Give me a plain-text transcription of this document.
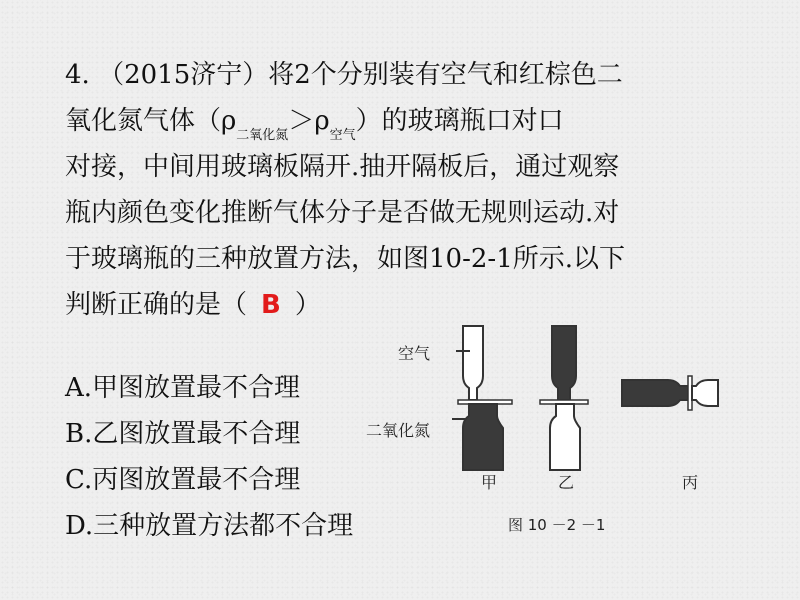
4. （2015济宁）将2个分别装有空气和红棕色二
氧化氮气体$(\rho_{二氧化氮}>\rho_{空气})$的玻璃瓶口对口
对接，中间用玻璃板隔开.抽开隔板后，通过观察
瓶内颜色变化推断气体分子是否做无规则运动.对
于玻璃瓶的三种放置方法，如图10-2-1所示.以下
判断正确的是（ B ）
A.甲图放置最不合理
B.乙图放置最不合理
C.丙图放置最不合理
D.三种放置方法都不合理
空气
二氧化氮
甲	乙	丙
图 10 －2 －1
